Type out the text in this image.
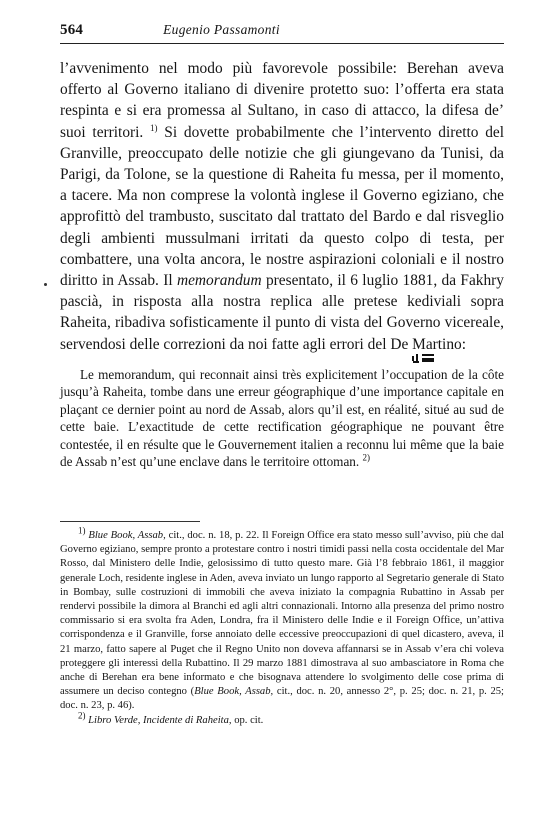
564	Eugenio Passamonti

l’avvenimento nel modo più favorevole possibile: Berehan aveva offerto al Governo italiano di divenire protetto suo: l’offerta era stata respinta e si era promessa al Sultano, in caso di attacco, la difesa de’ suoi territori. $^{1)}$ Si dovette probabilmente che l’intervento diretto del Granville, preoccupato delle notizie che gli giungevano da Tunisi, da Parigi, da Tolone, se la questione di Raheita fu messa, per il momento, a tacere. Ma non comprese la volontà inglese il Governo egiziano, che approfittò del trambusto, suscitato dal trattato del Bardo e dal risveglio degli ambienti mussulmani irritati da questo colpo di testa, per combattere, una volta ancora, le nostre aspirazioni coloniali e il nostro diritto in Assab. Il memorandum presentato, il 6 luglio 1881, da Fakhry pascià, in risposta alla nostra replica alle pretese kediviali sopra Raheita, ribadiva sofisticamente il punto di vista del Governo vicereale, servendosi delle correzioni da noi fatte agli errori del De Martino:

Le memorandum, qui reconnait ainsi très explicitement l’occupation de la côte jusqu’à Raheita, tombe dans une erreur géographique d’une importance capitale en plaçant ce dernier point au nord de Assab, alors qu’il est, en réalité, situé au sud de cette baie. L’exactitude de cette rectification géographique ne pouvant être contestée, il en résulte que le Gouvernement italien a reconnu lui même que la baie de Assab n’est qu’une enclave dans le territoire ottoman. $^{2)}$

$^{1)}$ Blue Book, Assab, cit., doc. n. 18, p. 22. Il Foreign Office era stato messo sull’avviso, più che dal Governo egiziano, sempre pronto a protestare contro i nostri timidi passi nella costa occidentale del Mar Rosso, dal Ministero delle Indie, gelosissimo di tutto questo mare. Già l’8 febbraio 1861, il maggior generale Loch, residente inglese in Aden, aveva inviato un lungo rapporto al Segretario generale di Stato in Bombay, sulle costruzioni di immobili che aveva iniziato la compagnia Rubattino in Assab per rendervi possibile la dimora al Branchi ed agli altri connazionali. Intorno alla presenza del primo nostro commissario si era svolta fra Aden, Londra, fra il Ministero delle Indie e il Foreign Office, un’attiva corrispondenza e il Granville, forse annoiato delle eccessive preoccupazioni di quel dicastero, aveva, il 21 marzo, fatto sapere al Puget che il Regno Unito non doveva affannarsi se in Assab v’era chi voleva proteggere gli interessi della Rubattino. Il 29 marzo 1881 dimostrava al suo ambasciatore in Roma che anche di Berehan era bene informato e che bisognava attendere lo svolgimento delle cose prima di assumere un deciso contegno (Blue Book, Assab, cit., doc. n. 20, annesso 2°, p. 25; doc. n. 21, p. 25; doc. n. 23, p. 46).

$^{2)}$ Libro Verde, Incidente di Raheita, op. cit.
